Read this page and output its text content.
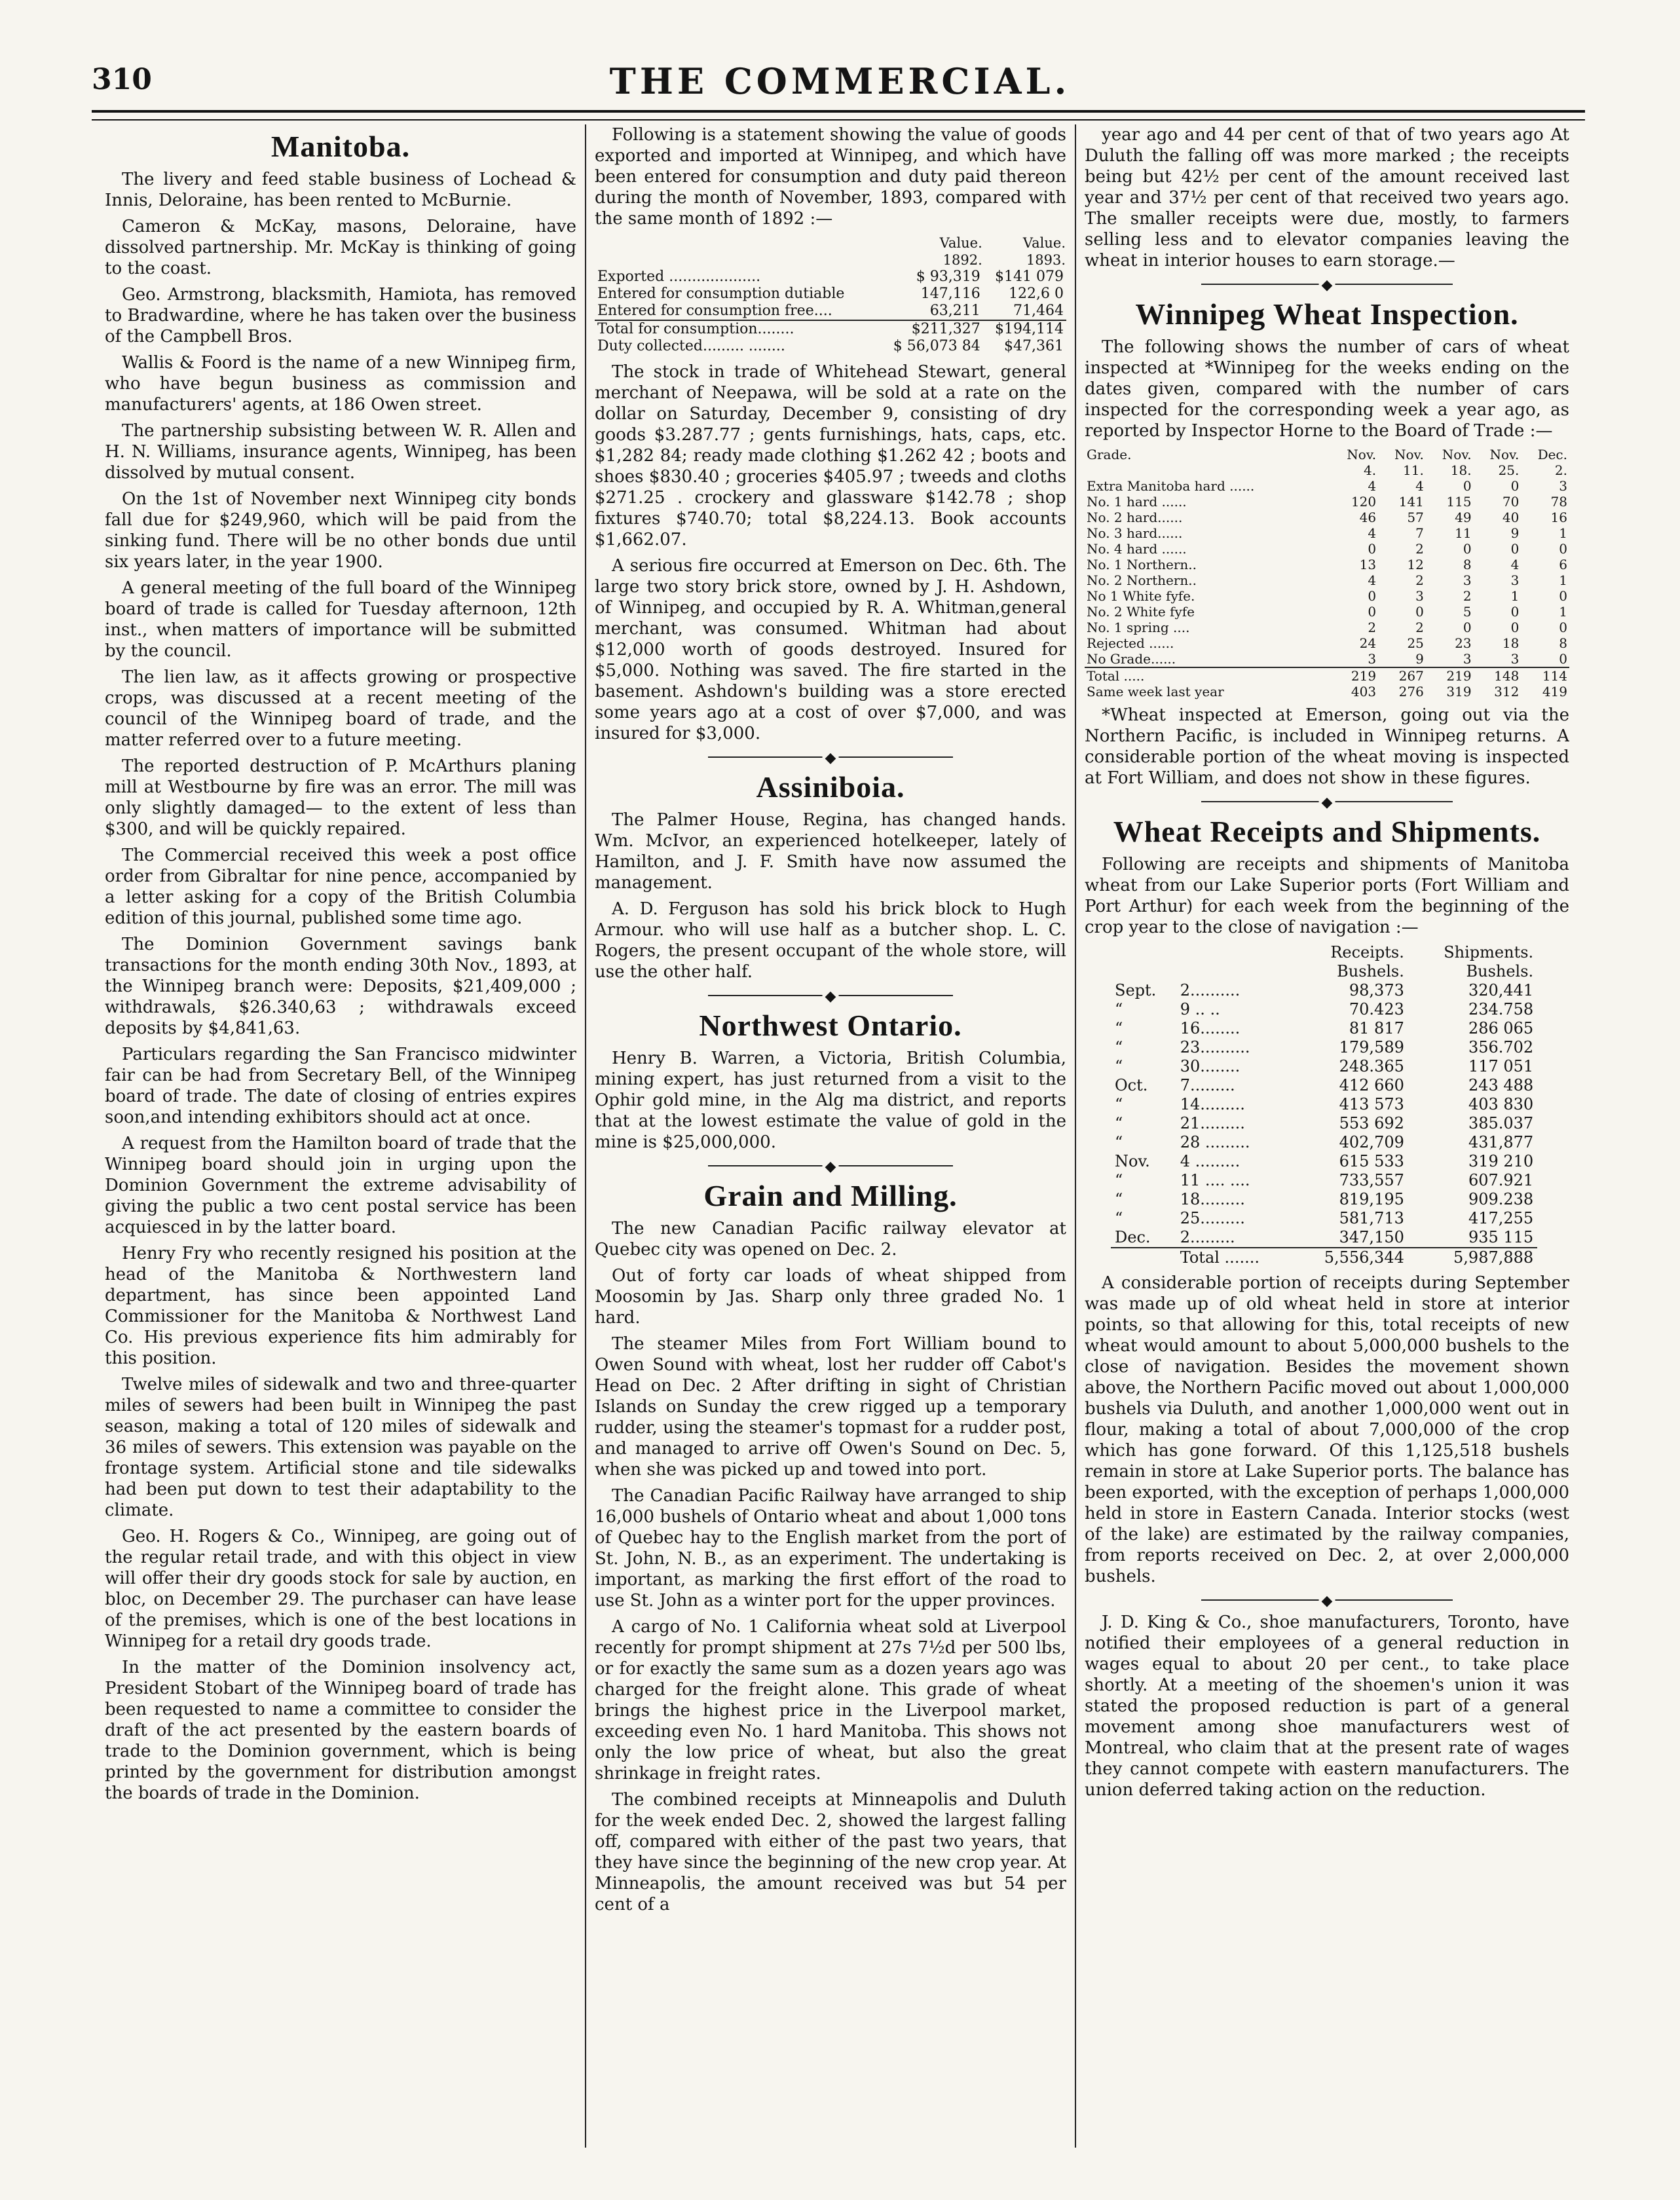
310	THE COMMERCIAL.
Manitoba.

The livery and feed stable business of Lochead & Innis, Deloraine, has been rented to McBurnie.

Cameron & McKay, masons, Deloraine, have dissolved partnership. Mr. McKay is thinking of going to the coast.

Geo. Armstrong, blacksmith, Hamiota, has removed to Bradwardine, where he has taken over the business of the Campbell Bros.

Wallis & Foord is the name of a new Winnipeg firm, who have begun business as commission and manufacturers' agents, at 186 Owen street.

The partnership subsisting between W. R. Allen and H. N. Williams, insurance agents, Winnipeg, has been dissolved by mutual consent.

On the 1st of November next Winnipeg city bonds fall due for $249,960, which will be paid from the sinking fund. There will be no other bonds due until six years later, in the year 1900.

A general meeting of the full board of the Winnipeg board of trade is called for Tuesday afternoon, 12th inst., when matters of importance will be submitted by the council.

The lien law, as it affects growing or prospective crops, was discussed at a recent meeting of the council of the Winnipeg board of trade, and the matter referred over to a future meeting.

The reported destruction of P. McArthurs planing mill at Westbourne by fire was an error. The mill was only slightly damaged— to the extent of less than $300, and will be quickly repaired.

The Commercial received this week a post office order from Gibraltar for nine pence, accompanied by a letter asking for a copy of the British Columbia edition of this journal, published some time ago.

The Dominion Government savings bank transactions for the month ending 30th Nov., 1893, at the Winnipeg branch were: Deposits, $21,409,000 ; withdrawals, $26.340,63 ; withdrawals exceed deposits by $4,841,63.

Particulars regarding the San Francisco midwinter fair can be had from Secretary Bell, of the Winnipeg board of trade. The date of closing of entries expires soon,and intending exhibitors should act at once.

A request from the Hamilton board of trade that the Winnipeg board should join in urging upon the Dominion Government the extreme advisability of giving the public a two cent postal service has been acquiesced in by the latter board.

Henry Fry who recently resigned his position at the head of the Manitoba & Northwestern land department, has since been appointed Land Commissioner for the Manitoba & Northwest Land Co. His previous experience fits him admirably for this position.

Twelve miles of sidewalk and two and three-quarter miles of sewers had been built in Winnipeg the past season, making a total of 120 miles of sidewalk and 36 miles of sewers. This extension was payable on the frontage system. Artificial stone and tile sidewalks had been put down to test their adaptability to the climate.

Geo. H. Rogers & Co., Winnipeg, are going out of the regular retail trade, and with this object in view will offer their dry goods stock for sale by auction, en bloc, on December 29. The purchaser can have lease of the premises, which is one of the best locations in Winnipeg for a retail dry goods trade.

In the matter of the Dominion insolvency act, President Stobart of the Winnipeg board of trade has been requested to name a committee to consider the draft of the act presented by the eastern boards of trade to the Dominion government, which is being printed by the government for distribution amongst the boards of trade in the Dominion.

Following is a statement showing the value of goods exported and imported at Winnipeg, and which have been entered for consumption and duty paid thereon during the month of November, 1893, compared with the same month of 1892 :—

	Value.	Value.
	1892.	1893.
Exported ....................	$ 93,319	$141 079
Entered for consumption dutiable	147,116	122,6 0
Entered for consumption free....	63,211	71,464
Total for consumption........	$211,327	$194,114
Duty collected......... ........	$ 56,073 84	$47,361

The stock in trade of Whitehead Stewart, general merchant of Neepawa, will be sold at a rate on the dollar on Saturday, December 9, consisting of dry goods $3.287.77 ; gents furnishings, hats, caps, etc. $1,282 84; ready made clothing $1.262 42 ; boots and shoes $830.40 ; groceries $405.97 ; tweeds and cloths $271.25 . crockery and glassware $142.78 ; shop fixtures $740.70; total $8,224.13. Book accounts $1,662.07.

A serious fire occurred at Emerson on Dec. 6th. The large two story brick store, owned by J. H. Ashdown, of Winnipeg, and occupied by R. A. Whitman,general merchant, was consumed. Whitman had about $12,000 worth of goods destroyed. Insured for $5,000. Nothing was saved. The fire started in the basement. Ashdown's building was a store erected some years ago at a cost of over $7,000, and was insured for $3,000.

◆
Assiniboia.

The Palmer House, Regina, has changed hands. Wm. McIvor, an experienced hotelkeeper, lately of Hamilton, and J. F. Smith have now assumed the management.

A. D. Ferguson has sold his brick block to Hugh Armour. who will use half as a butcher shop. L. C. Rogers, the present occupant of the whole store, will use the other half.

◆
Northwest Ontario.

Henry B. Warren, a Victoria, British Columbia, mining expert, has just returned from a visit to the Ophir gold mine, in the Alg ma district, and reports that at the lowest estimate the value of gold in the mine is $25,000,000.

◆
Grain and Milling.

The new Canadian Pacific railway elevator at Quebec city was opened on Dec. 2.

Out of forty car loads of wheat shipped from Moosomin by Jas. Sharp only three graded No. 1 hard.

The steamer Miles from Fort William bound to Owen Sound with wheat, lost her rudder off Cabot's Head on Dec. 2 After drifting in sight of Christian Islands on Sunday the crew rigged up a temporary rudder, using the steamer's topmast for a rudder post, and managed to arrive off Owen's Sound on Dec. 5, when she was picked up and towed into port.

The Canadian Pacific Railway have arranged to ship 16,000 bushels of Ontario wheat and about 1,000 tons of Quebec hay to the English market from the port of St. John, N. B., as an experiment. The undertaking is important, as marking the first effort of the road to use St. John as a winter port for the upper provinces.

A cargo of No. 1 California wheat sold at Liverpool recently for prompt shipment at 27s 7½d per 500 lbs, or for exactly the same sum as a dozen years ago was charged for the freight alone. This grade of wheat brings the highest price in the Liverpool market, exceeding even No. 1 hard Manitoba. This shows not only the low price of wheat, but also the great shrinkage in freight rates.

The combined receipts at Minneapolis and Duluth for the week ended Dec. 2, showed the largest falling off, compared with either of the past two years, that they have since the beginning of the new crop year. At Minneapolis, the amount received was but 54 per cent of a

year ago and 44 per cent of that of two years ago At Duluth the falling off was more marked ; the receipts being but 42½ per cent of the amount received last year and 37½ per cent of that received two years ago. The smaller receipts were due, mostly, to farmers selling less and to elevator companies leaving the wheat in interior houses to earn storage.—

◆
Winnipeg Wheat Inspection.

The following shows the number of cars of wheat inspected at *Winnipeg for the weeks ending on the dates given, compared with the number of cars inspected for the corresponding week a year ago, as reported by Inspector Horne to the Board of Trade :—

Grade.	Nov.	Nov.	Nov.	Nov.	Dec.
	4.	11.	18.	25.	2.
Extra Manitoba hard ......	4	4	0	0	3
No. 1 hard ......	120	141	115	70	78
No. 2 hard......	46	57	49	40	16
No. 3 hard......	4	7	11	9	1
No. 4 hard ......	0	2	0	0	0
No. 1 Northern..	13	12	8	4	6
No. 2 Northern..	4	2	3	3	1
No 1 White fyfe.	0	3	2	1	0
No. 2 White fyfe	0	0	5	0	1
No. 1 spring ....	2	2	0	0	0
Rejected ......	24	25	23	18	8
No Grade......	3	9	3	3	0
Total .....	219	267	219	148	114
Same week last year	403	276	319	312	419

*Wheat inspected at Emerson, going out via the Northern Pacific, is included in Winnipeg returns. A considerable portion of the wheat moving is inspected at Fort William, and does not show in these figures.

◆
Wheat Receipts and Shipments.

Following are receipts and shipments of Manitoba wheat from our Lake Superior ports (Fort William and Port Arthur) for each week from the beginning of the crop year to the close of navigation :—

		Receipts.	Shipments.
		Bushels.	Bushels.
Sept.	2..........	98,373	320,441
“	9 .. ..	70.423	234.758
“	16........	81 817	286 065
“	23..........	179,589	356.702
“	30........	248.365	117 051
Oct.	7.........	412 660	243 488
“	14.........	413 573	403 830
“	21.........	553 692	385.037
“	28 .........	402,709	431,877
Nov.	4 .........	615 533	319 210
“	11 .... ....	733,557	607.921
“	18.........	819,195	909.238
“	25.........	581,713	417,255
Dec.	2.........	347,150	935 115
	Total .......	5,556,344	5,987,888

A considerable portion of receipts during September was made up of old wheat held in store at interior points, so that allowing for this, total receipts of new wheat would amount to about 5,000,000 bushels to the close of navigation. Besides the movement shown above, the Northern Pacific moved out about 1,000,000 bushels via Duluth, and another 1,000,000 went out in flour, making a total of about 7,000,000 of the crop which has gone forward. Of this 1,125,518 bushels remain in store at Lake Superior ports. The balance has been exported, with the exception of perhaps 1,000,000 held in store in Eastern Canada. Interior stocks (west of the lake) are estimated by the railway companies, from reports received on Dec. 2, at over 2,000,000 bushels.

◆

J. D. King & Co., shoe manufacturers, Toronto, have notified their employees of a general reduction in wages equal to about 20 per cent., to take place shortly. At a meeting of the shoemen's union it was stated the proposed reduction is part of a general movement among shoe manufacturers west of Montreal, who claim that at the present rate of wages they cannot compete with eastern manufacturers. The union deferred taking action on the reduction.
